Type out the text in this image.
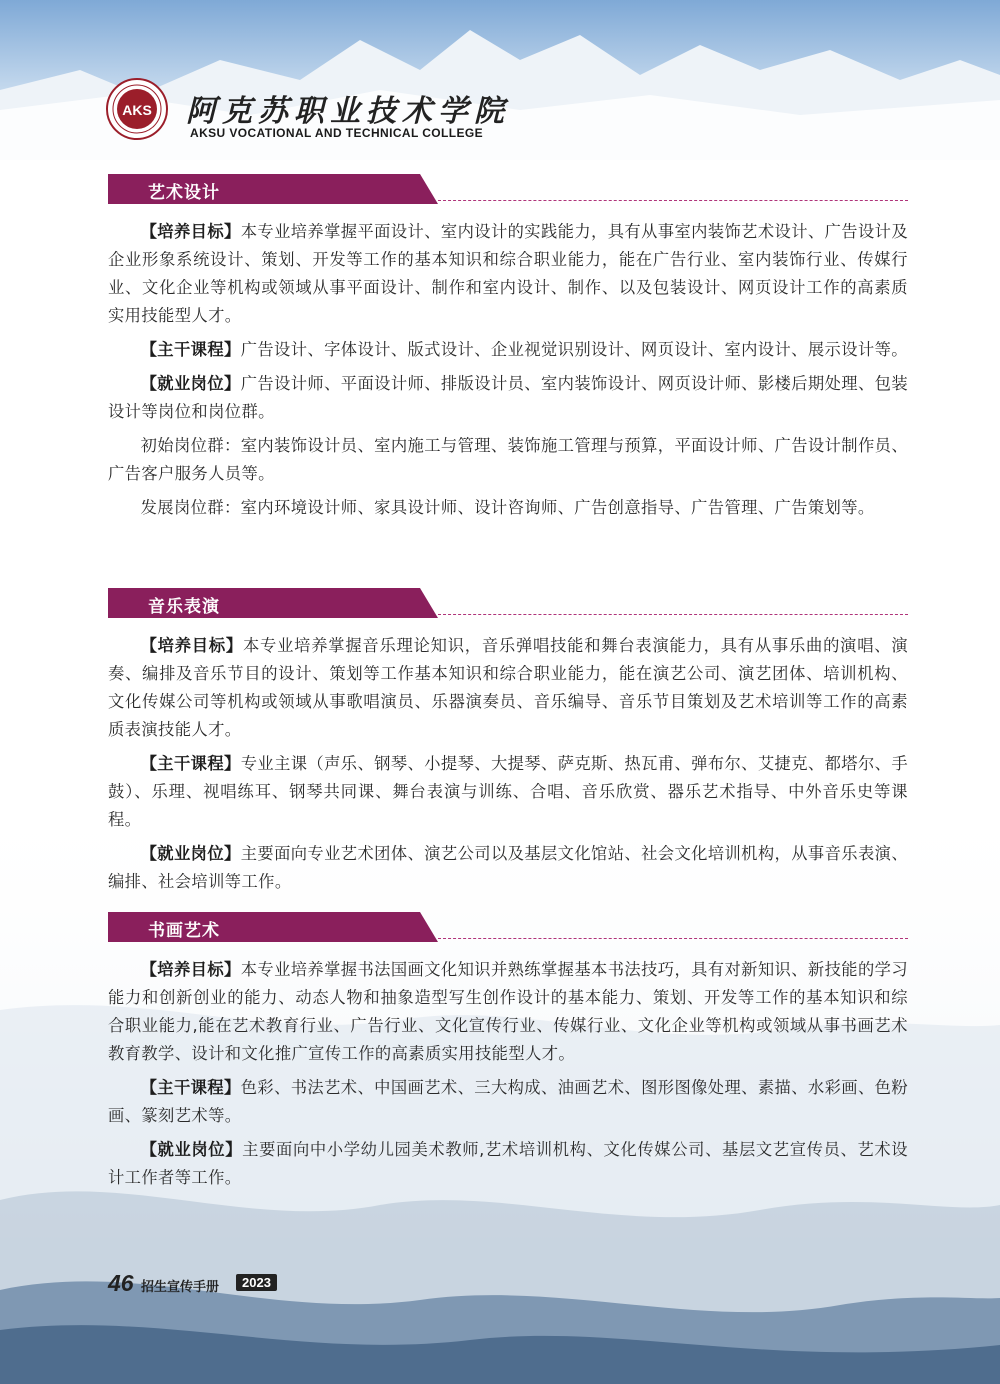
AKS 阿克苏职业技术学院
AKSU VOCATIONAL AND TECHNICAL COLLEGE
艺术设计

【培养目标】本专业培养掌握平面设计、室内设计的实践能力，具有从事室内装饰艺术设计、广告设计及企业形象系统设计、策划、开发等工作的基本知识和综合职业能力，能在广告行业、室内装饰行业、传媒行业、文化企业等机构或领域从事平面设计、制作和室内设计、制作、以及包装设计、网页设计工作的高素质实用技能型人才。

【主干课程】广告设计、字体设计、版式设计、企业视觉识别设计、网页设计、室内设计、展示设计等。

【就业岗位】广告设计师、平面设计师、排版设计员、室内装饰设计、网页设计师、影楼后期处理、包装设计等岗位和岗位群。

初始岗位群：室内装饰设计员、室内施工与管理、装饰施工管理与预算，平面设计师、广告设计制作员、广告客户服务人员等。

发展岗位群：室内环境设计师、家具设计师、设计咨询师、广告创意指导、广告管理、广告策划等。

音乐表演

【培养目标】本专业培养掌握音乐理论知识，音乐弹唱技能和舞台表演能力，具有从事乐曲的演唱、演奏、编排及音乐节目的设计、策划等工作基本知识和综合职业能力，能在演艺公司、演艺团体、培训机构、文化传媒公司等机构或领域从事歌唱演员、乐器演奏员、音乐编导、音乐节目策划及艺术培训等工作的高素质表演技能人才。

【主干课程】专业主课（声乐、钢琴、小提琴、大提琴、萨克斯、热瓦甫、弹布尔、艾捷克、都塔尔、手鼓）、乐理、视唱练耳、钢琴共同课、舞台表演与训练、合唱、音乐欣赏、器乐艺术指导、中外音乐史等课程。

【就业岗位】主要面向专业艺术团体、演艺公司以及基层文化馆站、社会文化培训机构，从事音乐表演、编排、社会培训等工作。

书画艺术

【培养目标】本专业培养掌握书法国画文化知识并熟练掌握基本书法技巧，具有对新知识、新技能的学习能力和创新创业的能力、动态人物和抽象造型写生创作设计的基本能力、策划、开发等工作的基本知识和综合职业能力,能在艺术教育行业、广告行业、文化宣传行业、传媒行业、文化企业等机构或领域从事书画艺术教育教学、设计和文化推广宣传工作的高素质实用技能型人才。

【主干课程】色彩、书法艺术、中国画艺术、三大构成、油画艺术、图形图像处理、素描、水彩画、色粉画、篆刻艺术等。

【就业岗位】主要面向中小学幼儿园美术教师,艺术培训机构、文化传媒公司、基层文艺宣传员、艺术设计工作者等工作。

46 招生宣传手册	2023
